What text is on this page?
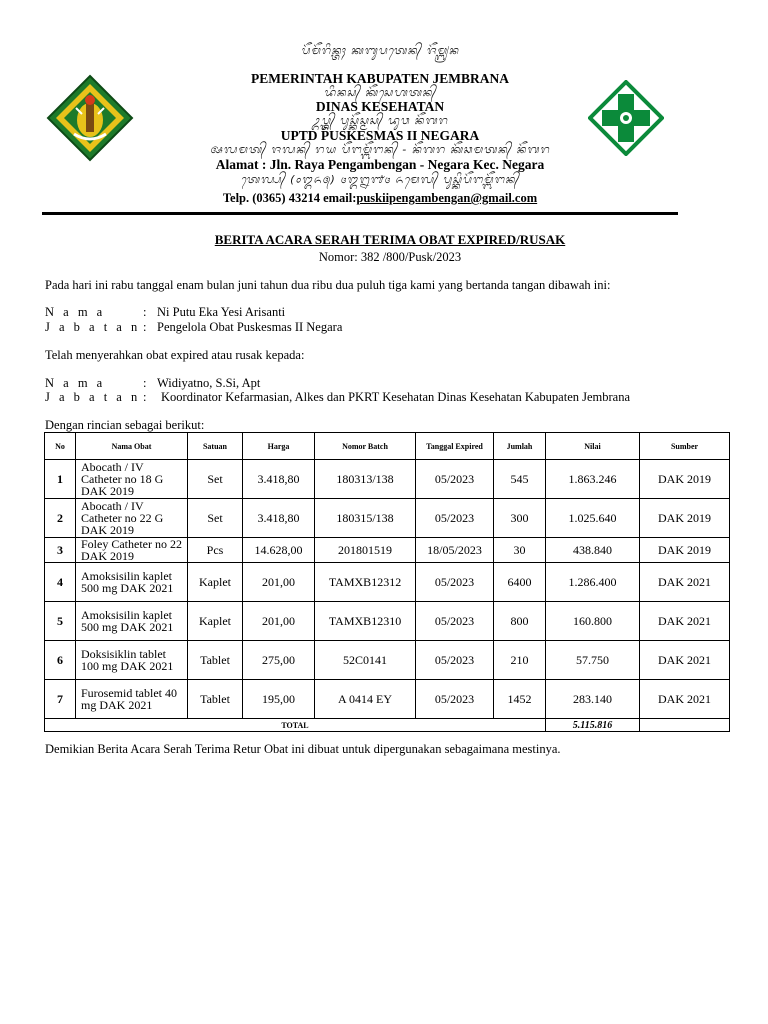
ᬧᭂᬫᭂᬭᬶᬦ᭄ᬢᬄ ᬓᬩᬸᬧᬢᬾᬦ᭄ ᬚᭂᬫ᭄ᬩ᭄ᬭᬦ
PEMERINTAH KABUPATEN JEMBRANA
ᬤᬶᬦᬲ᭄ ᬓᭂᬲᬾᬳᬢᬦ᭄
DINAS KESEHATAN
ᬉᬧ᭄ᬢ᭄ᬤ᭄ ᬧᬸᬲ᭄ᬓᭂᬲ᭄ᬫᬲ᭄ ᬤᬸᬯ ᬦᭂᬕᬭ
UPTD PUSKESMAS II NEGARA
ᬅᬮᬫᬢ᭄ ᬚᬮᬦ᭄ ᬭᬬ ᬧᭂᬗᬫ᭄ᬩᭂᬗᬦ᭄ - ᬦᭂᬕᬭ ᬓᭂᬘᬫᬢᬦ᭄ ᬦᭂᬕᬭ
Alamat : Jln. Raya Pengambengan - Negara Kec. Negara
ᬢᬾᬮ᭄ᬧ᭄ (᭐᭓᭖᭕) ᭔᭓᭒᭑᭔ ᬏᬫᬾᬮ᭄ ᬧᬸᬲ᭄ᬓᬶᬧᭂᬗᬫ᭄ᬩᭂᬗᬦ᭄
Telp. (0365) 43214 email:puskiipengambengan@gmail.com
BERITA ACARA SERAH TERIMA OBAT EXPIRED/RUSAK
Nomor: 382 /800/Pusk/2023
Pada hari ini rabu tanggal enam bulan juni tahun dua ribu dua puluh tiga kami yang bertanda tangan dibawah ini:
N a m a	: Ni Putu Eka Yesi Arisanti
J a b a t a n : Pengelola Obat Puskesmas II Negara
Telah menyerahkan obat expired atau rusak kepada:
N a m a	: Widiyatno, S.Si, Apt
J a b a t a n : Koordinator Kefarmasian, Alkes dan PKRT Kesehatan Dinas Kesehatan Kabupaten Jembrana
Dengan rincian sebagai berikut:
No	Nama Obat	Satuan	Harga	Nomor Batch	Tanggal Expired	Jumlah	Nilai	Sumber
1	Abocath / IV Catheter no 18 G DAK 2019	Set	3.418,80	180313/138	05/2023	545	1.863.246	DAK 2019
2	Abocath / IV Catheter no 22 G DAK 2019	Set	3.418,80	180315/138	05/2023	300	1.025.640	DAK 2019
3	Foley Catheter no 22 DAK 2019	Pcs	14.628,00	201801519	18/05/2023	30	438.840	DAK 2019
4	Amoksisilin kaplet 500 mg DAK 2021	Kaplet	201,00	TAMXB12312	05/2023	6400	1.286.400	DAK 2021
5	Amoksisilin kaplet 500 mg DAK 2021	Kaplet	201,00	TAMXB12310	05/2023	800	160.800	DAK 2021
6	Doksisiklin tablet 100 mg DAK 2021	Tablet	275,00	52C0141	05/2023	210	57.750	DAK 2021
7	Furosemid tablet 40 mg DAK 2021	Tablet	195,00	A 0414 EY	05/2023	1452	283.140	DAK 2021
TOTAL							5.115.816	
Demikian Berita Acara Serah Terima Retur Obat ini dibuat untuk dipergunakan sebagaimana mestinya.
